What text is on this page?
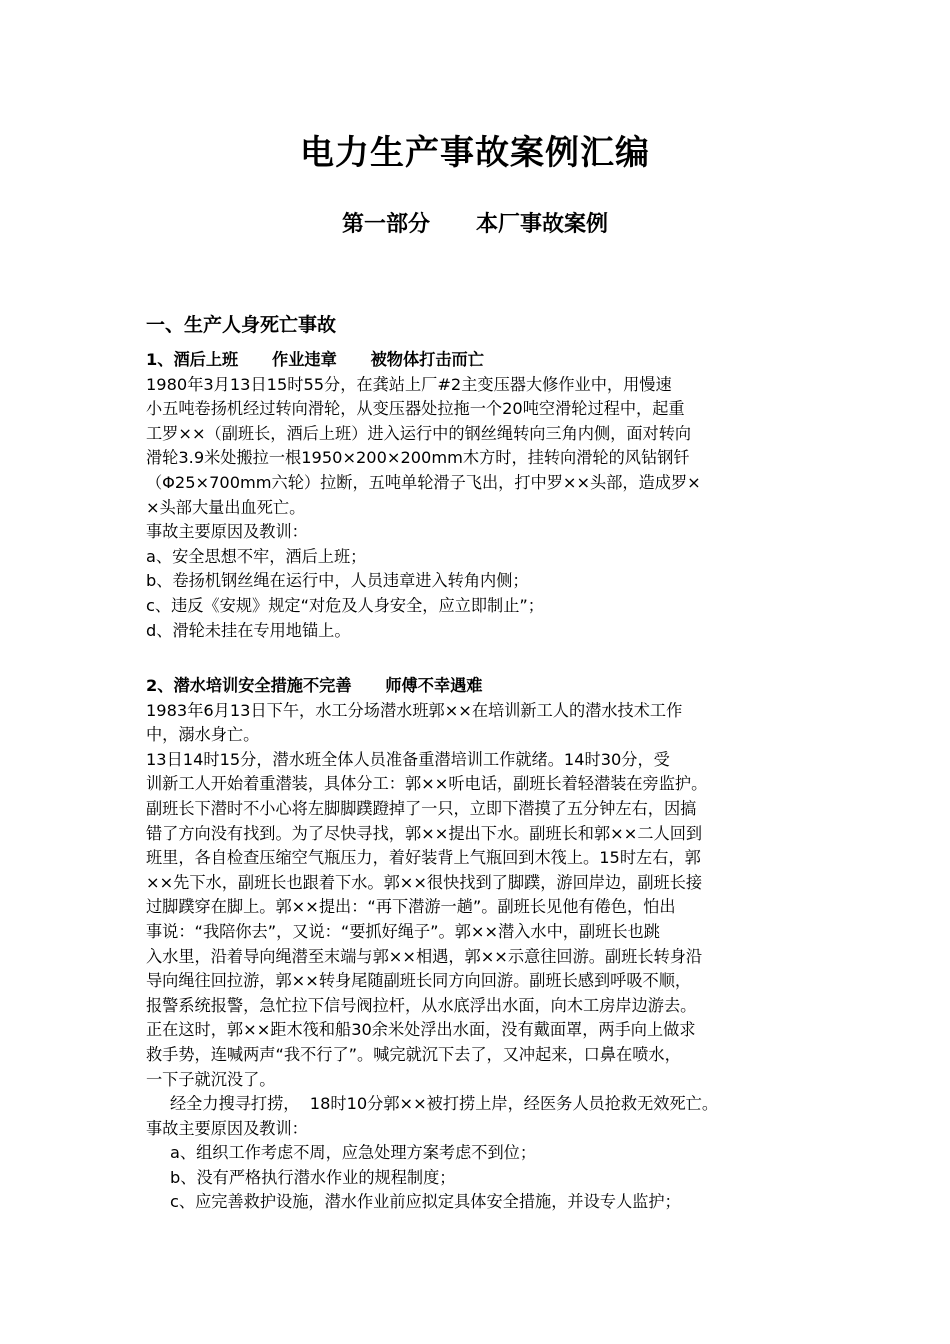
电力生产事故案例汇编
第一部分      本厂事故案例
一、生产人身死亡事故
1、酒后上班      作业违章      被物体打击而亡
1980年3月13日15时55分，在龚站上厂#2主变压器大修作业中，用慢速
小五吨卷扬机经过转向滑轮，从变压器处拉拖一个20吨空滑轮过程中，起重
工罗××（副班长，酒后上班）进入运行中的钢丝绳转向三角内侧，面对转向
滑轮3.9米处搬拉一根1950×200×200mm木方时，挂转向滑轮的风钻钢钎
（Φ25×700mm六轮）拉断，五吨单轮滑子飞出，打中罗××头部，造成罗×
×头部大量出血死亡。
事故主要原因及教训：
a、安全思想不牢，酒后上班；
b、卷扬机钢丝绳在运行中，人员违章进入转角内侧；
c、违反《安规》规定“对危及人身安全，应立即制止”；
d、滑轮未挂在专用地锚上。
2、潜水培训安全措施不完善      师傅不幸遇难
1983年6月13日下午，水工分场潜水班郭××在培训新工人的潜水技术工作
中，溺水身亡。
13日14时15分，潜水班全体人员准备重潜培训工作就绪。14时30分，受
训新工人开始着重潜装，具体分工：郭××听电话，副班长着轻潜装在旁监护。
副班长下潜时不小心将左脚脚蹼蹬掉了一只，立即下潜摸了五分钟左右，因搞
错了方向没有找到。为了尽快寻找，郭××提出下水。副班长和郭××二人回到
班里，各自检查压缩空气瓶压力，着好装背上气瓶回到木筏上。15时左右，郭
××先下水，副班长也跟着下水。郭××很快找到了脚蹼，游回岸边，副班长接
过脚蹼穿在脚上。郭××提出：“再下潜游一趟”。副班长见他有倦色，怕出
事说：“我陪你去”，又说：“要抓好绳子”。郭××潜入水中，副班长也跳
入水里，沿着导向绳潜至末端与郭××相遇，郭××示意往回游。副班长转身沿
导向绳往回拉游，郭××转身尾随副班长同方向回游。副班长感到呼吸不顺，
报警系统报警，急忙拉下信号阀拉杆，从水底浮出水面，向木工房岸边游去。
正在这时，郭××距木筏和船30余米处浮出水面，没有戴面罩，两手向上做求
救手势，连喊两声“我不行了”。喊完就沉下去了，又冲起来，口鼻在喷水，
一下子就沉没了。
经全力搜寻打捞，  18时10分郭××被打捞上岸，经医务人员抢救无效死亡。
事故主要原因及教训：
a、组织工作考虑不周，应急处理方案考虑不到位；
b、没有严格执行潜水作业的规程制度；
c、应完善救护设施，潜水作业前应拟定具体安全措施，并设专人监护；
